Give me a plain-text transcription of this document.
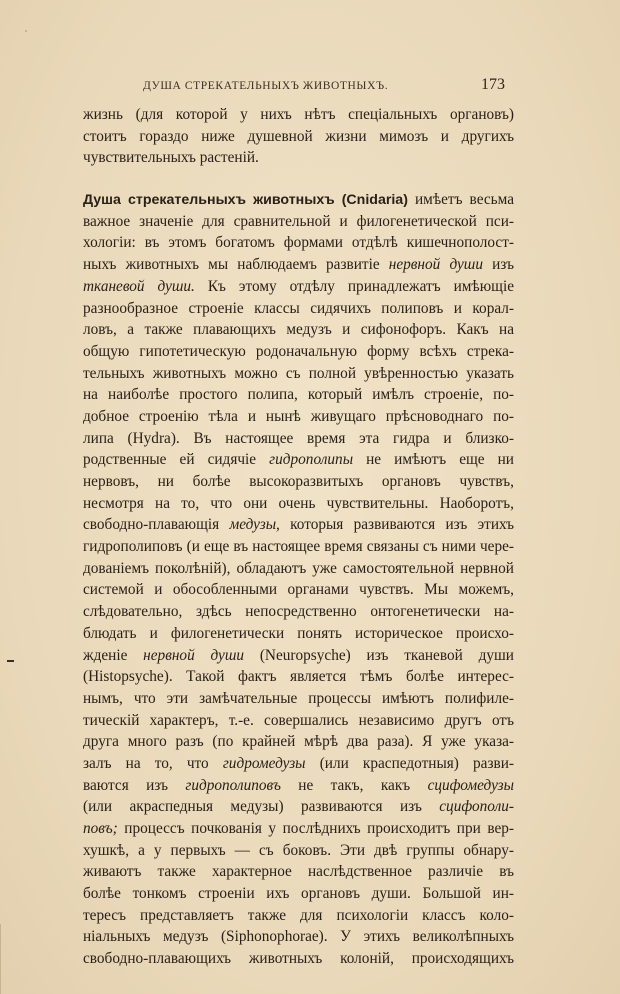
ДУША СТРЕКАТЕЛЬНЫХЪ ЖИВОТНЫХЪ.	173
жизнь (для которой у нихъ нѣтъ спеціальныхъ органовъ)
стоитъ гораздо ниже душевной жизни мимозъ и другихъ
чувствительныхъ растеній.
Душа стрекательныхъ животныхъ (Cnidaria) имѣетъ весьма
важное значеніе для сравнительной и филогенетической пси-
хологіи: въ этомъ богатомъ формами отдѣлѣ кишечнополост-
ныхъ животныхъ мы наблюдаемъ развитіе нервной души изъ
тканевой души. Къ этому отдѣлу принадлежатъ имѣющіе
разнообразное строеніе классы сидячихъ полиповъ и корал-
ловъ, а также плавающихъ медузъ и сифонофоръ. Какъ на
общую гипотетическую родоначальную форму всѣхъ стрека-
тельныхъ животныхъ можно съ полной увѣренностью указать
на наиболѣе простого полипа, который имѣлъ строеніе, по-
добное строенію тѣла и нынѣ живущаго прѣсноводнаго по-
липа (Hydra). Въ настоящее время эта гидра и близко-
родственные ей сидячіе гидрополипы не имѣютъ еще ни
нервовъ, ни болѣе высокоразвитыхъ органовъ чувствъ,
несмотря на то, что они очень чувствительны. Наоборотъ,
свободно-плавающія медузы, которыя развиваются изъ этихъ
гидрополиповъ (и еще въ настоящее время связаны съ ними чере-
дованіемъ поколѣній), обладаютъ уже самостоятельной нервной
системой и обособленными органами чувствъ. Мы можемъ,
слѣдовательно, здѣсь непосредственно онтогенетически на-
блюдать и филогенетически понять историческое происхо-
жденіе нервной души (Neuropsyche) изъ тканевой души
(Histopsyche). Такой фактъ является тѣмъ болѣе интерес-
нымъ, что эти замѣчательные процессы имѣютъ полифиле-
тическій характеръ, т.-е. совершались независимо другъ отъ
друга много разъ (по крайней мѣрѣ два раза). Я уже указа-
залъ на то, что гидромедузы (или краспедотныя) разви-
ваются изъ гидрополиповъ не такъ, какъ сцифомедузы
(или акраспедныя медузы) развиваются изъ сцифополи-
повъ; процессъ почкованія у послѣднихъ происходитъ при вер-
хушкѣ, а у первыхъ — съ боковъ. Эти двѣ группы обнару-
живаютъ также характерное наслѣдственное различіе въ
болѣе тонкомъ строеніи ихъ органовъ души. Большой ин-
тересъ представляетъ также для психологіи классъ коло-
ніальныхъ медузъ (Siphonophorae). У этихъ великолѣпныхъ
свободно-плавающихъ животныхъ колоній, происходящихъ
